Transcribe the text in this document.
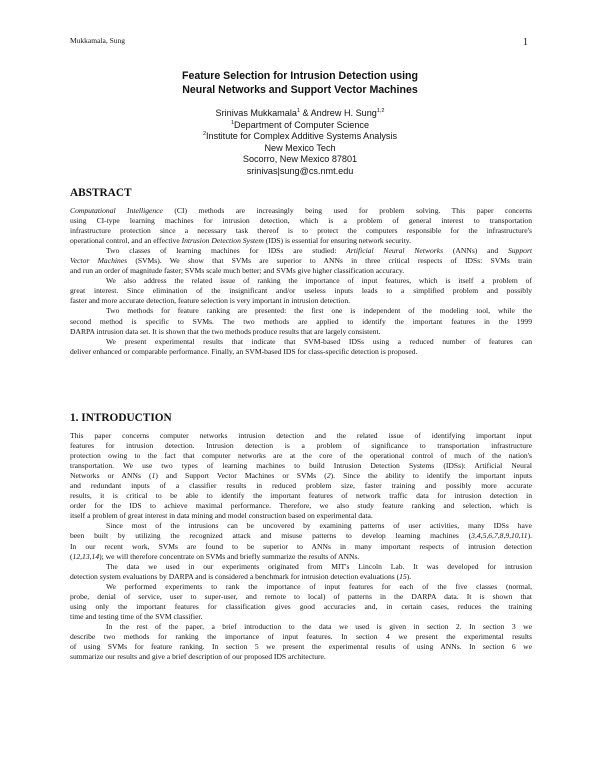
Mukkamala, Sung	1
Feature Selection for Intrusion Detection using
Neural Networks and Support Vector Machines
Srinivas Mukkamala$^1$ & Andrew H. Sung$^{1,2}$
$^1$Department of Computer Science
$^2$Institute for Complex Additive Systems Analysis
New Mexico Tech
Socorro, New Mexico 87801
srinivas|sung@cs.nmt.edu
ABSTRACT
Computational Intelligence (CI) methods are increasingly being used for problem solving. This paper concerns
using CI-type learning machines for intrusion detection, which is a problem of general interest to transportation
infrastructure protection since a necessary task thereof is to protect the computers responsible for the infrastructure's
operational control, and an effective Intrusion Detection System (IDS) is essential for ensuring network security.
Two classes of learning machines for IDSs are studied: Artificial Neural Networks (ANNs) and Support
Vector Machines (SVMs). We show that SVMs are superior to ANNs in three critical respects of IDSs: SVMs train
and run an order of magnitude faster; SVMs scale much better; and SVMs give higher classification accuracy.
We also address the related issue of ranking the importance of input features, which is itself a problem of
great interest. Since elimination of the insignificant and/or useless inputs leads to a simplified problem and possibly
faster and more accurate detection, feature selection is very important in intrusion detection.
Two methods for feature ranking are presented: the first one is independent of the modeling tool, while the
second method is specific to SVMs. The two methods are applied to identify the important features in the 1999
DARPA intrusion data set. It is shown that the two methods produce results that are largely consistent.
We present experimental results that indicate that SVM-based IDSs using a reduced number of features can
deliver enhanced or comparable performance. Finally, an SVM-based IDS for class-specific detection is proposed.
1. INTRODUCTION
This paper concerns computer networks intrusion detection and the related issue of identifying important input
features for intrusion detection. Intrusion detection is a problem of significance to transportation infrastructure
protection owing to the fact that computer networks are at the core of the operational control of much of the nation's
transportation. We use two types of learning machines to build Intrusion Detection Systems (IDSs): Artificial Neural
Networks or ANNs (1) and Support Vector Machines or SVMs (2). Since the ability to identify the important inputs
and redundant inputs of a classifier results in reduced problem size, faster training and possibly more accurate
results, it is critical to be able to identify the important features of network traffic data for intrusion detection in
order for the IDS to achieve maximal performance. Therefore, we also study feature ranking and selection, which is
itself a problem of great interest in data mining and model construction based on experimental data.
Since most of the intrusions can be uncovered by examining patterns of user activities, many IDSs have
been built by utilizing the recognized attack and misuse patterns to develop learning machines (3,4,5,6,7,8,9,10,11).
In our recent work, SVMs are found to be superior to ANNs in many important respects of intrusion detection
(12,13,14); we will therefore concentrate on SVMs and briefly summarize the results of ANNs.
The data we used in our experiments originated from MIT's Lincoln Lab. It was developed for intrusion
detection system evaluations by DARPA and is considered a benchmark for intrusion detection evaluations (15).
We performed experiments to rank the importance of input features for each of the five classes (normal,
probe, denial of service, user to super-user, and remote to local) of patterns in the DARPA data. It is shown that
using only the important features for classification gives good accuracies and, in certain cases, reduces the training
time and testing time of the SVM classifier.
In the rest of the paper, a brief introduction to the data we used is given in section 2. In section 3 we
describe two methods for ranking the importance of input features. In section 4 we present the experimental results
of using SVMs for feature ranking. In section 5 we present the experimental results of using ANNs. In section 6 we
summarize our results and give a brief description of our proposed IDS architecture.
